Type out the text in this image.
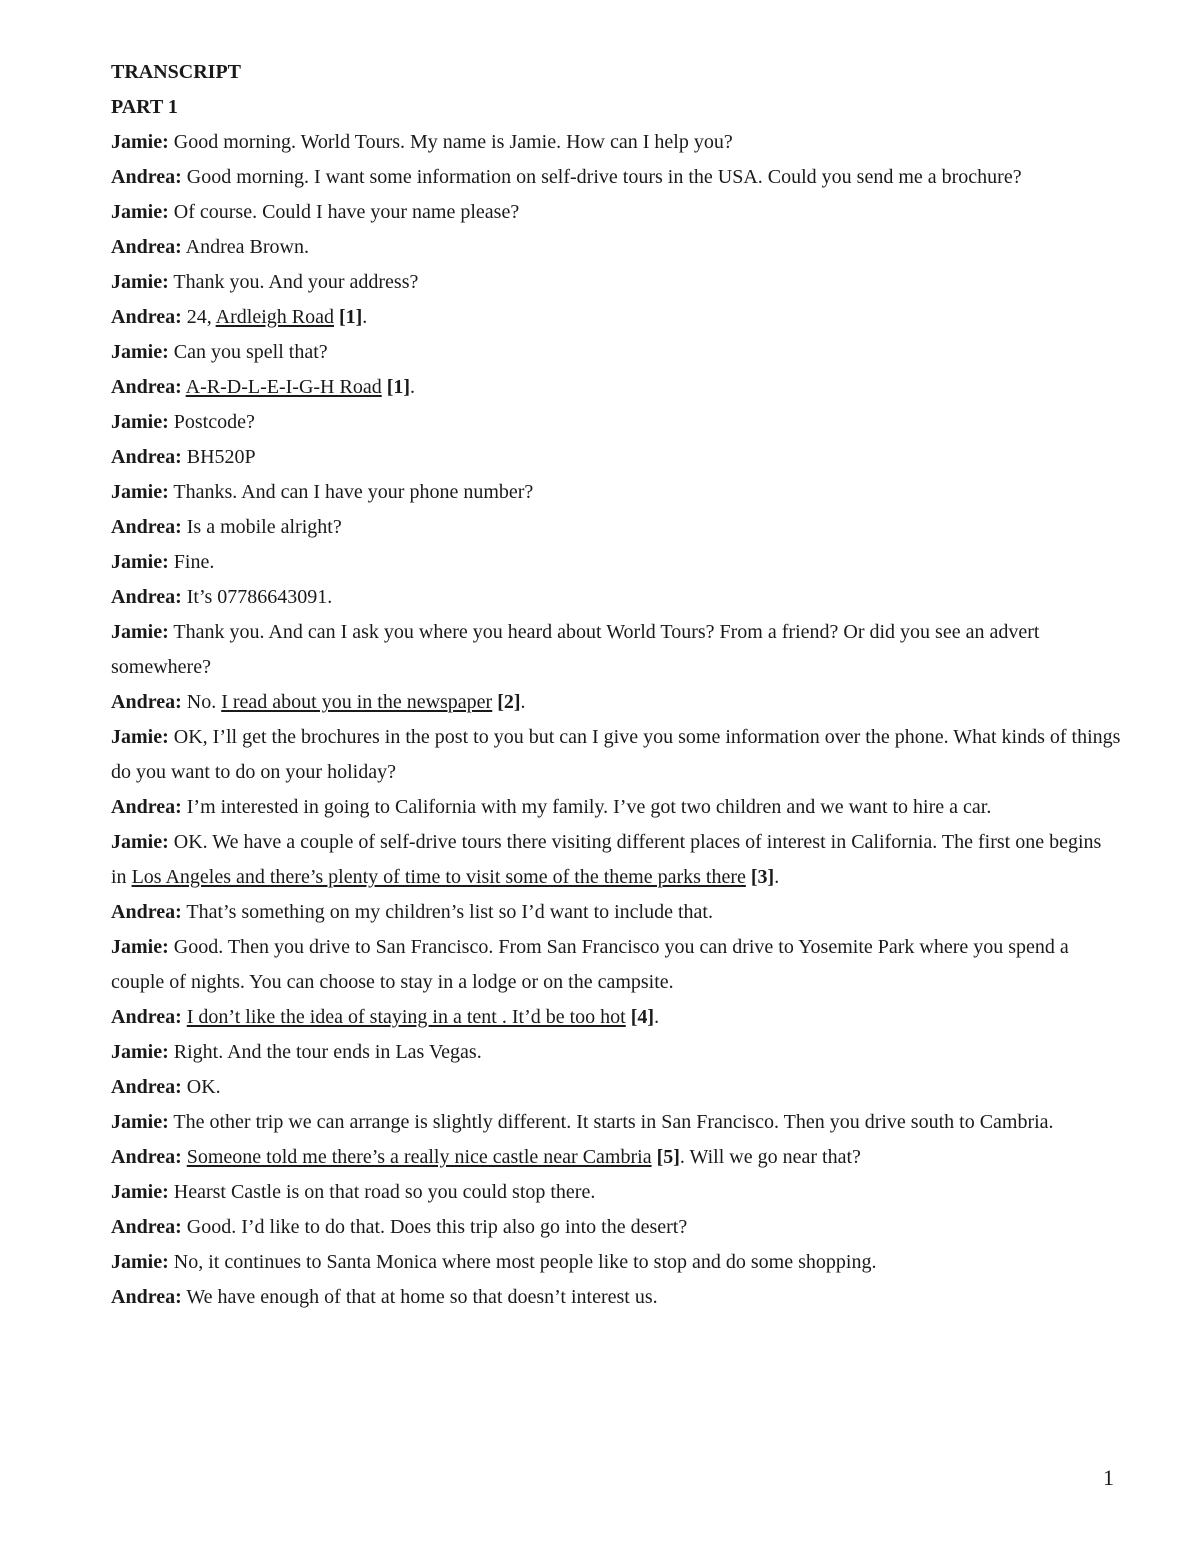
TRANSCRIPT

PART 1

Jamie: Good morning. World Tours. My name is Jamie. How can I help you?

Andrea: Good morning. I want some information on self-drive tours in the USA. Could you send me a brochure?

Jamie: Of course. Could I have your name please?

Andrea: Andrea Brown.

Jamie: Thank you. And your address?

Andrea: 24, Ardleigh Road [1].

Jamie: Can you spell that?

Andrea: A-R-D-L-E-I-G-H Road [1].

Jamie: Postcode?

Andrea: BH520P

Jamie: Thanks. And can I have your phone number?

Andrea: Is a mobile alright?

Jamie: Fine.

Andrea: It’s 07786643091.

Jamie: Thank you. And can I ask you where you heard about World Tours? From a friend? Or did you see an advert somewhere?

Andrea: No. I read about you in the newspaper [2].

Jamie: OK, I’ll get the brochures in the post to you but can I give you some information over the phone. What kinds of things do you want to do on your holiday?

Andrea: I’m interested in going to California with my family. I’ve got two children and we want to hire a car.

Jamie: OK. We have a couple of self-drive tours there visiting different places of interest in California. The first one begins in Los Angeles and there’s plenty of time to visit some of the theme parks there [3].

Andrea: That’s something on my children’s list so I’d want to include that.

Jamie: Good. Then you drive to San Francisco. From San Francisco you can drive to Yosemite Park where you spend a couple of nights. You can choose to stay in a lodge or on the campsite.

Andrea: I don’t like the idea of staying in a tent . It’d be too hot [4].

Jamie: Right. And the tour ends in Las Vegas.

Andrea: OK.

Jamie: The other trip we can arrange is slightly different. It starts in San Francisco. Then you drive south to Cambria.

Andrea: Someone told me there’s a really nice castle near Cambria [5]. Will we go near that?

Jamie: Hearst Castle is on that road so you could stop there.

Andrea: Good. I’d like to do that. Does this trip also go into the desert?

Jamie: No, it continues to Santa Monica where most people like to stop and do some shopping.

Andrea: We have enough of that at home so that doesn’t interest us.

1
